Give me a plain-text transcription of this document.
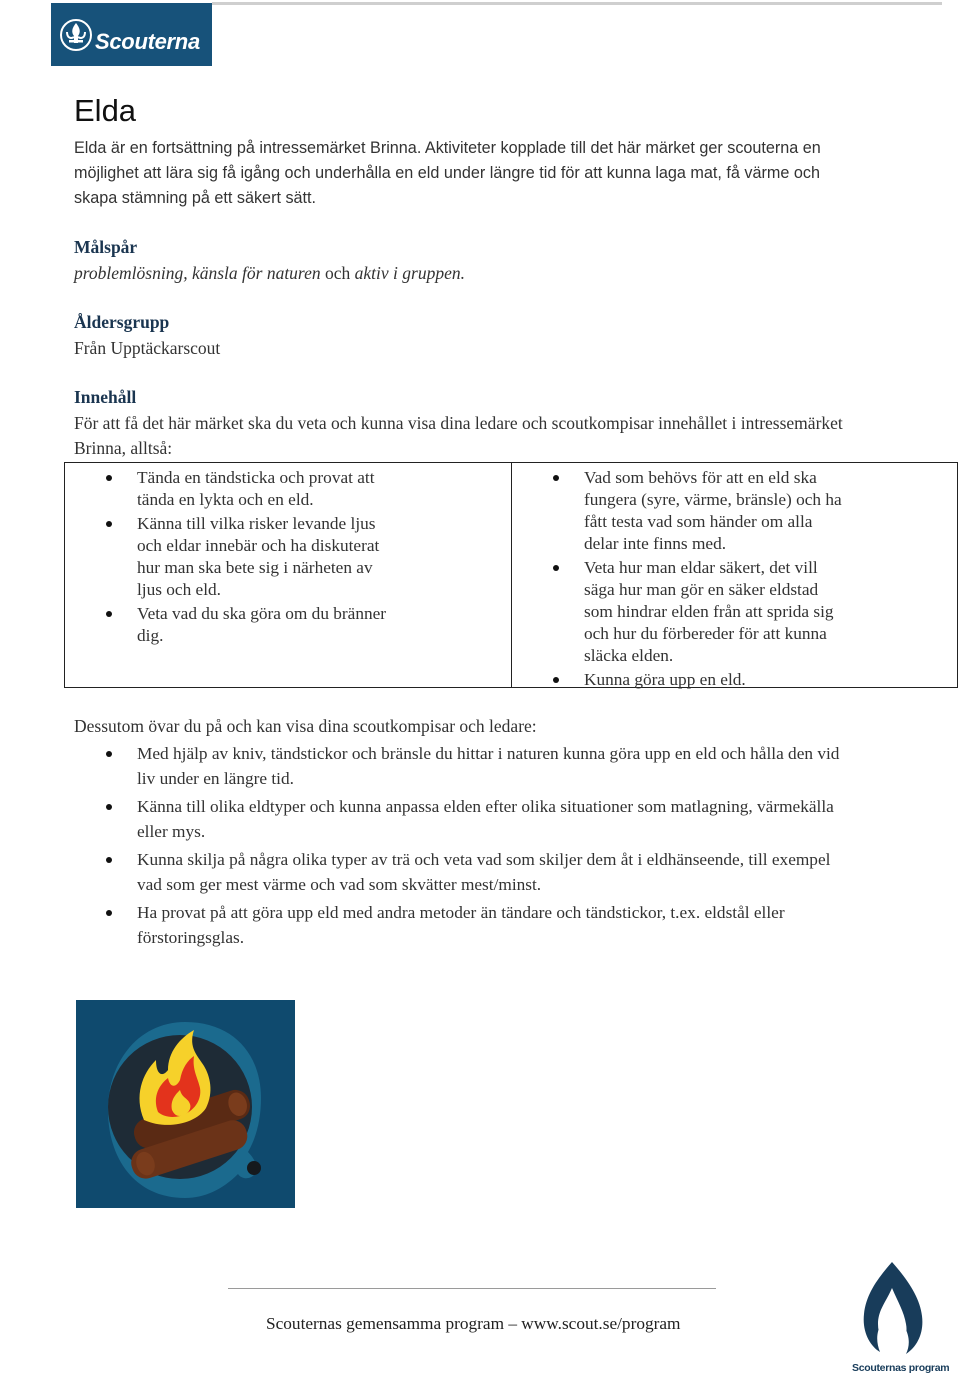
Scouterna
Elda

Elda är en fortsättning på intressemärket Brinna. Aktiviteter kopplade till det här märket ger scouterna en möjlighet att lära sig få igång och underhålla en eld under längre tid för att kunna laga mat, få värme och skapa stämning på ett säkert sätt.

Målspår

problemlösning, känsla för naturen och aktiv i gruppen.

Åldersgrupp

Från Upptäckarscout

Innehåll

För att få det här märket ska du veta och kunna visa dina ledare och scoutkompisar innehållet i intressemärket Brinna, alltså:

Tända en tändsticka och provat att tända en lykta och en eld.
Känna till vilka risker levande ljus och eldar innebär och ha diskuterat hur man ska bete sig i närheten av ljus och eld.
Veta vad du ska göra om du bränner dig.
Vad som behövs för att en eld ska fungera (syre, värme, bränsle) och ha fått testa vad som händer om alla delar inte finns med.
Veta hur man eldar säkert, det vill säga hur man gör en säker eldstad som hindrar elden från att sprida sig och hur du förbereder för att kunna släcka elden.
Kunna göra upp en eld.

Dessutom övar du på och kan visa dina scoutkompisar och ledare:

Med hjälp av kniv, tändstickor och bränsle du hittar i naturen kunna göra upp en eld och hålla den vid liv under en längre tid.
Känna till olika eldtyper och kunna anpassa elden efter olika situationer som matlagning, värmekälla eller mys.
Kunna skilja på några olika typer av trä och veta vad som skiljer dem åt i eldhänseende, till exempel vad som ger mest värme och vad som skvätter mest/minst.
Ha provat på att göra upp eld med andra metoder än tändare och tändstickor, t.ex. eldstål eller förstoringsglas.
Scouternas gemensamma program – www.scout.se/program
Scouternas program
